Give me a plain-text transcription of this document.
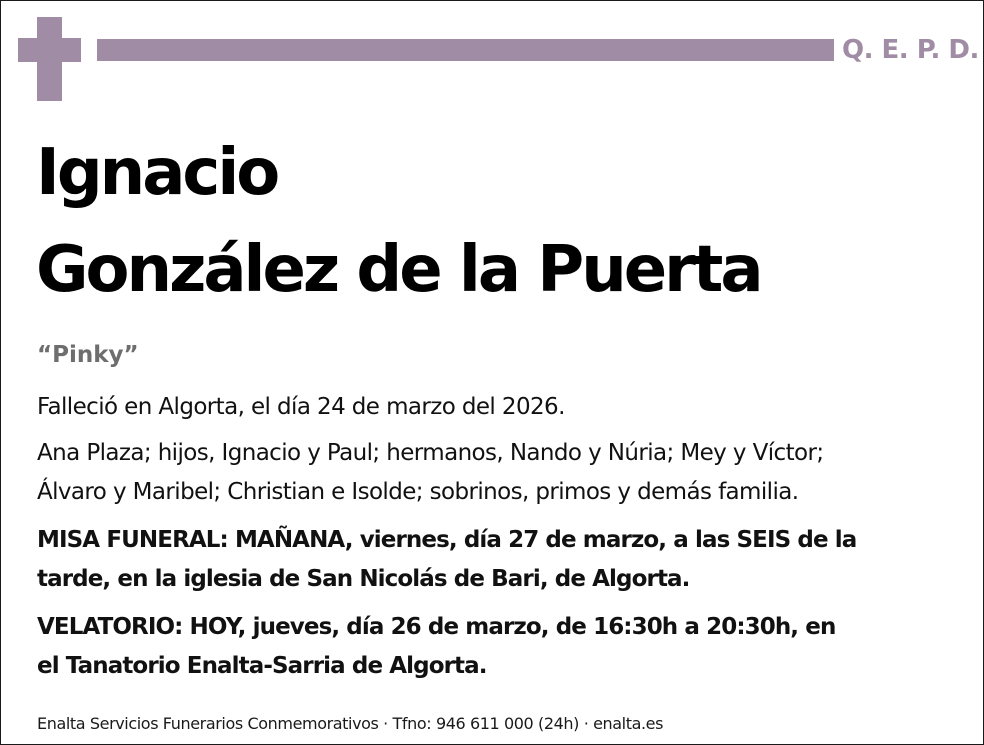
Q. E. P. D.
Ignacio
González de la Puerta
“Pinky”
Falleció en Algorta, el día 24 de marzo del 2026.
Ana Plaza; hijos, Ignacio y Paul; hermanos, Nando y Núria; Mey y Víctor;
Álvaro y Maribel; Christian e Isolde; sobrinos, primos y demás familia.
MISA FUNERAL: MAÑANA, viernes, día 27 de marzo, a las SEIS de la
tarde, en la iglesia de San Nicolás de Bari, de Algorta.
VELATORIO: HOY, jueves, día 26 de marzo, de 16:30h a 20:30h, en
el Tanatorio Enalta-Sarria de Algorta.
Enalta Servicios Funerarios Conmemorativos · Tfno: 946 611 000 (24h) · enalta.es
